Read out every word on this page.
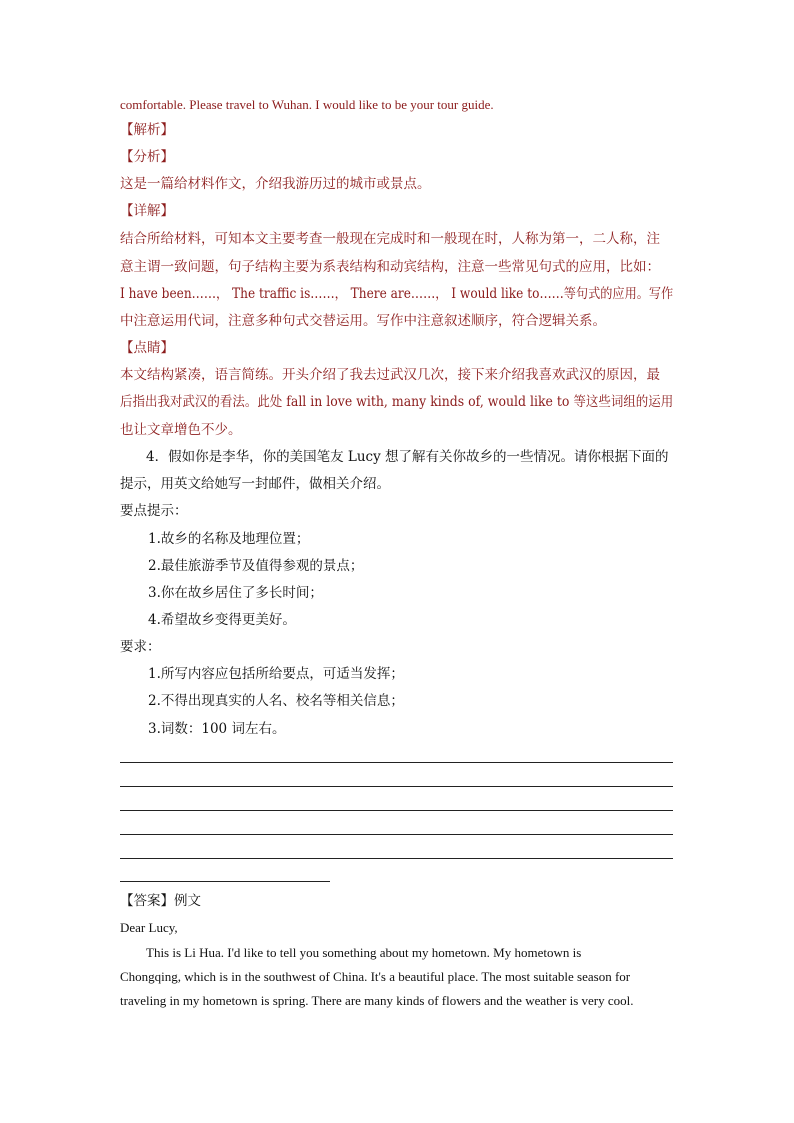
comfortable. Please travel to Wuhan. I would like to be your tour guide.
【解析】
【分析】
这是一篇给材料作文，介绍我游历过的城市或景点。
【详解】
结合所给材料，可知本文主要考查一般现在完成时和一般现在时，人称为第一，二人称，注
意主谓一致问题，句子结构主要为系表结构和动宾结构，注意一些常见句式的应用，比如：
I have been……， The traffic is……， There are……， I would like to……等句式的应用。写作
中注意运用代词，注意多种句式交替运用。写作中注意叙述顺序，符合逻辑关系。
【点睛】
本文结构紧凑，语言简练。开头介绍了我去过武汉几次，接下来介绍我喜欢武汉的原因，最
后指出我对武汉的看法。此处 fall in love with, many kinds of, would like to 等这些词组的运用
也让文章增色不少。
4．假如你是李华，你的美国笔友 Lucy 想了解有关你故乡的一些情况。请你根据下面的
提示，用英文给她写一封邮件，做相关介绍。
要点提示：
1.故乡的名称及地理位置；
2.最佳旅游季节及值得参观的景点；
3.你在故乡居住了多长时间；
4.希望故乡变得更美好。
要求：
1.所写内容应包括所给要点，可适当发挥；
2.不得出现真实的人名、校名等相关信息；
3.词数：100 词左右。
【答案】例文
Dear Lucy,
This is Li Hua. I'd like to tell you something about my hometown. My hometown is
Chongqing, which is in the southwest of China. It's a beautiful place. The most suitable season for
traveling in my hometown is spring. There are many kinds of flowers and the weather is very cool.
